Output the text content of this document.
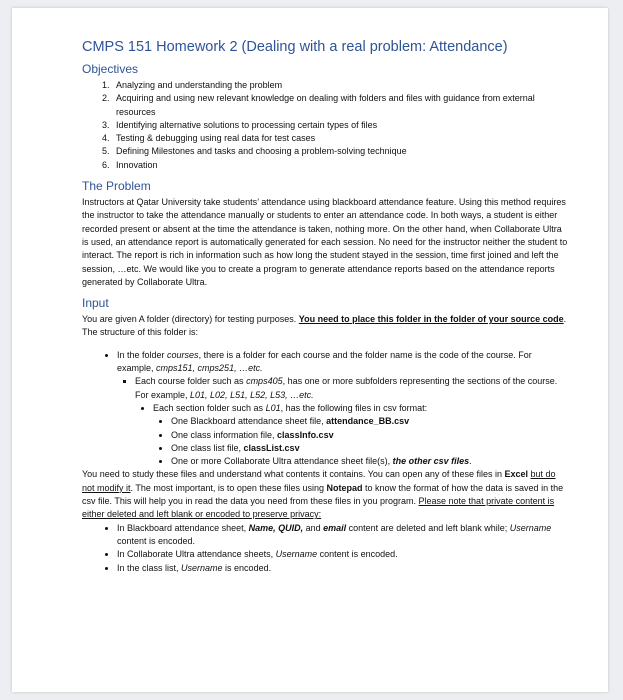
CMPS 151 Homework 2 (Dealing with a real problem: Attendance)
Objectives
1. Analyzing and understanding the problem
2. Acquiring and using new relevant knowledge on dealing with folders and files with guidance from external resources
3. Identifying alternative solutions to processing certain types of files
4. Testing & debugging using real data for test cases
5. Defining Milestones and tasks and choosing a problem-solving technique
6. Innovation
The Problem

Instructors at Qatar University take students’ attendance using blackboard attendance feature. Using this method requires the instructor to take the attendance manually or students to enter an attendance code. In both ways, a student is either recorded present or absent at the time the attendance is taken, nothing more. On the other hand, when Collaborate Ultra is used, an attendance report is automatically generated for each session. No need for the instructor neither the student to interact. The report is rich in information such as how long the student stayed in the session, time first joined and left the session, …etc. We would like you to create a program to generate attendance reports based on the attendance reports generated by Collaborate Ultra.

Input

You are given A folder (directory) for testing purposes. You need to place this folder in the folder of your source code. The structure of this folder is:

• In the folder courses, there is a folder for each course and the folder name is the code of the course. For example, cmps151, cmps251, …etc.
▪ Each course folder such as cmps405, has one or more subfolders representing the sections of the course. For example, L01, L02, L51, L52, L53, …etc.
• Each section folder such as L01, has the following files in csv format:
• One Blackboard attendance sheet file, attendance_BB.csv
• One class information file, classInfo.csv
• One class list file, classList.csv
• One or more Collaborate Ultra attendance sheet file(s), the other csv files.

You need to study these files and understand what contents it contains. You can open any of these files in Excel but do not modify it. The most important, is to open these files using Notepad to know the format of how the data is saved in the csv file. This will help you in read the data you need from these files in you program. Please note that private content is either deleted and left blank or encoded to preserve privacy:

• In Blackboard attendance sheet, Name, QUID, and email content are deleted and left blank while; Username content is encoded.
• In Collaborate Ultra attendance sheets, Username content is encoded.
• In the class list, Username is encoded.
